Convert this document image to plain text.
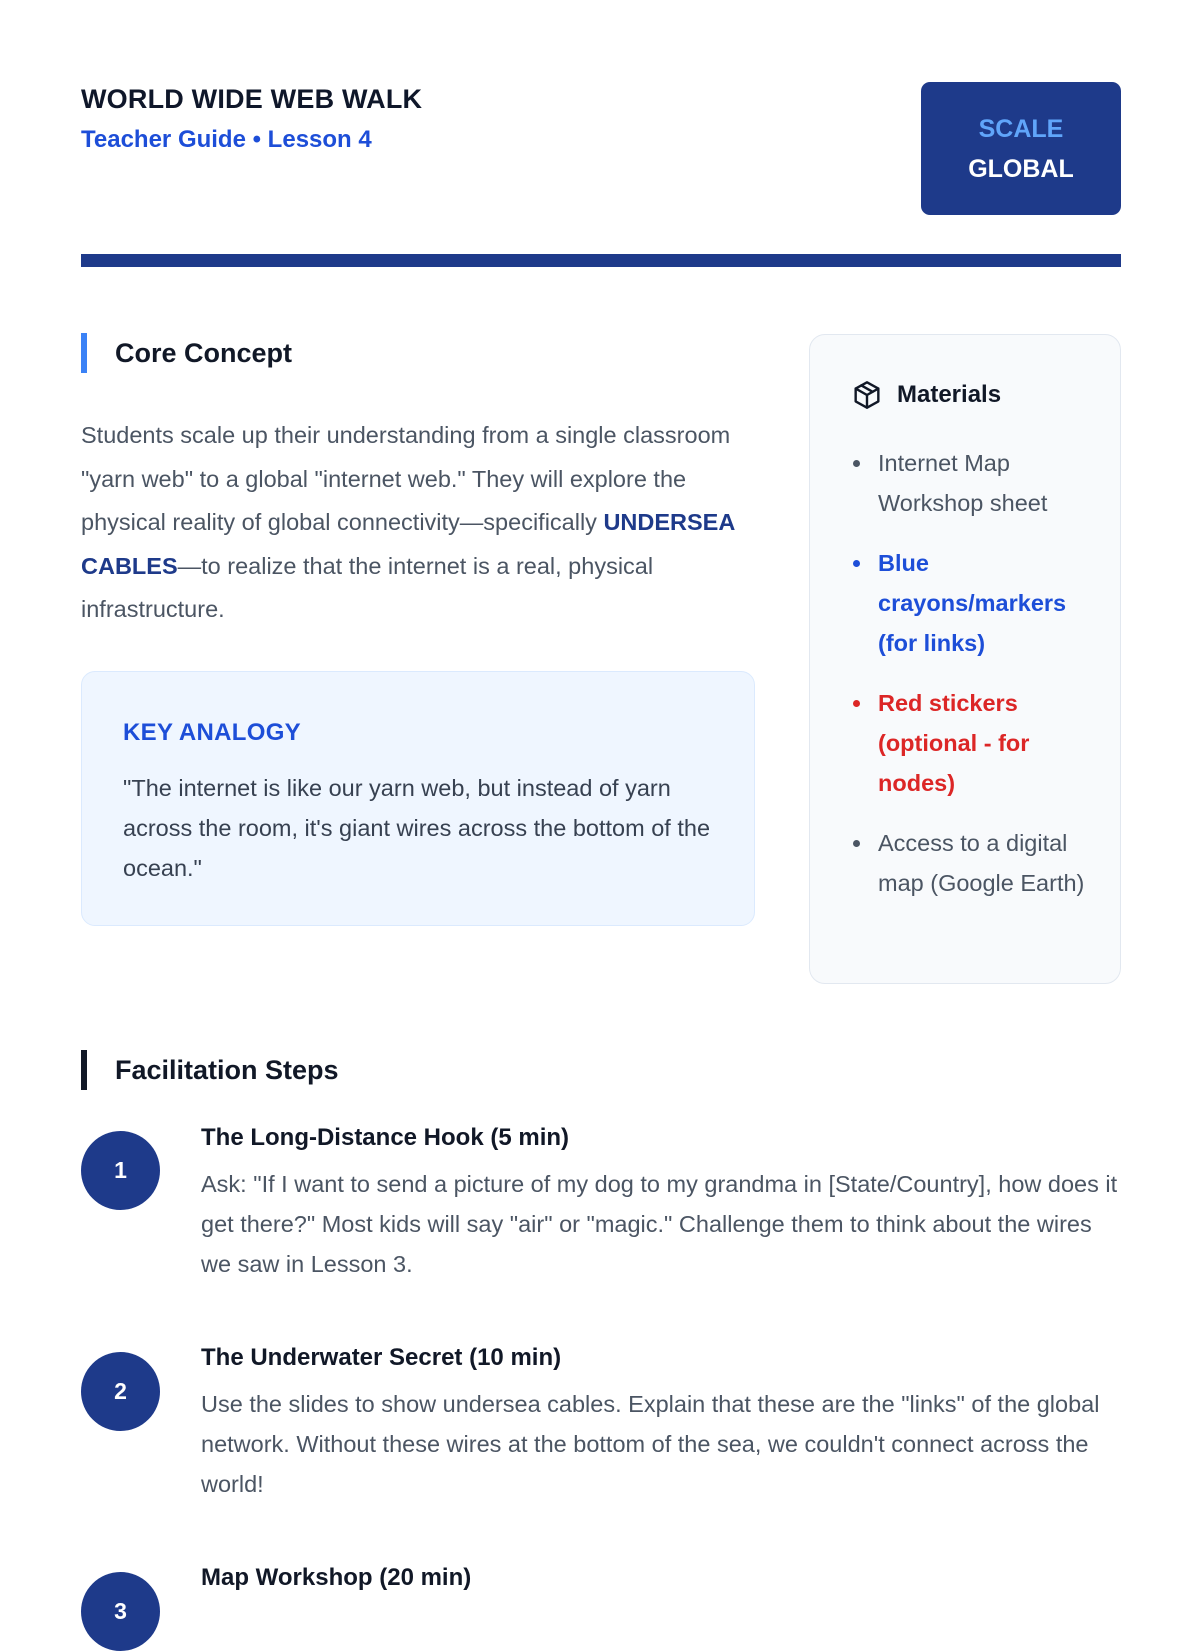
WORLD WIDE WEB WALK
Teacher Guide • Lesson 4	SCALE
GLOBAL
Core Concept

Students scale up their understanding from a single classroom "yarn web" to a global "internet web." They will explore the physical reality of global connectivity—specifically UNDERSEA CABLES—to realize that the internet is a real, physical infrastructure.

KEY ANALOGY

"The internet is like our yarn web, but instead of yarn across the room, it's giant wires across the bottom of the ocean."

Materials
Internet Map Workshop sheet
Blue crayons/markers (for links)
Red stickers (optional - for nodes)
Access to a digital map (Google Earth)
Facilitation Steps
1
The Long-Distance Hook (5 min)

Ask: "If I want to send a picture of my dog to my grandma in [State/Country], how does it get there?" Most kids will say "air" or "magic." Challenge them to think about the wires we saw in Lesson 3.

2
The Underwater Secret (10 min)

Use the slides to show undersea cables. Explain that these are the "links" of the global network. Without these wires at the bottom of the sea, we couldn't connect across the world!

3
Map Workshop (20 min)
